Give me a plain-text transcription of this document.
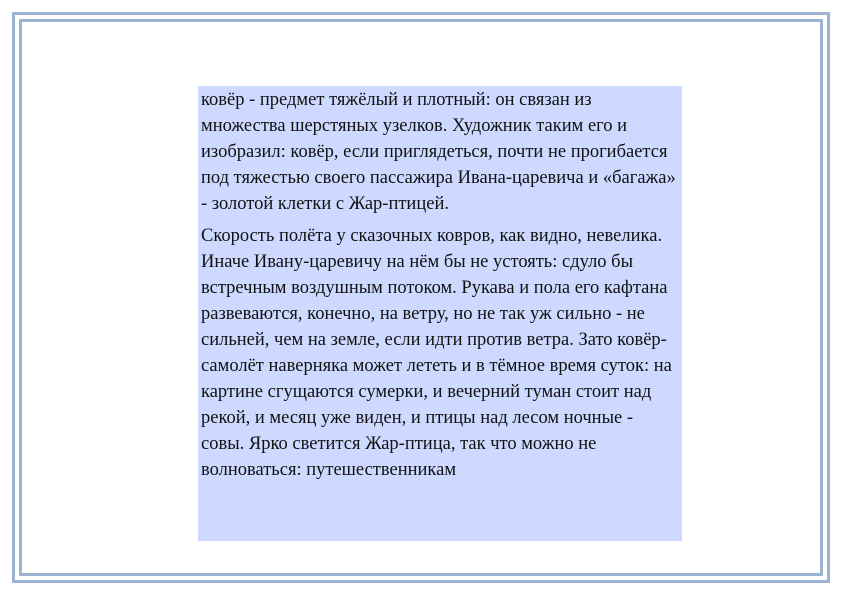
ковёр - предмет тяжёлый и плотный: он связан из множества шерстяных узелков. Художник таким его и изобразил: ковёр, если приглядеться, почти не прогибается под тяжестью своего пассажира Ивана-царевича и «багажа» - золотой клетки с Жар-птицей.

Скорость полёта у сказочных ковров, как видно, невелика. Иначе Ивану-царевичу на нём бы не устоять: сдуло бы встречным воздушным потоком. Рукава и пола его кафтана развеваются, конечно, на ветру, но не так уж сильно - не сильней, чем на земле, если идти против ветра. Зато ковёр-самолёт наверняка может лететь и в тёмное время суток: на картине сгущаются сумерки, и вечерний туман стоит над рекой, и месяц уже виден, и птицы над лесом ночные - совы. Ярко светится Жар-птица, так что можно не волноваться: путешественникам
